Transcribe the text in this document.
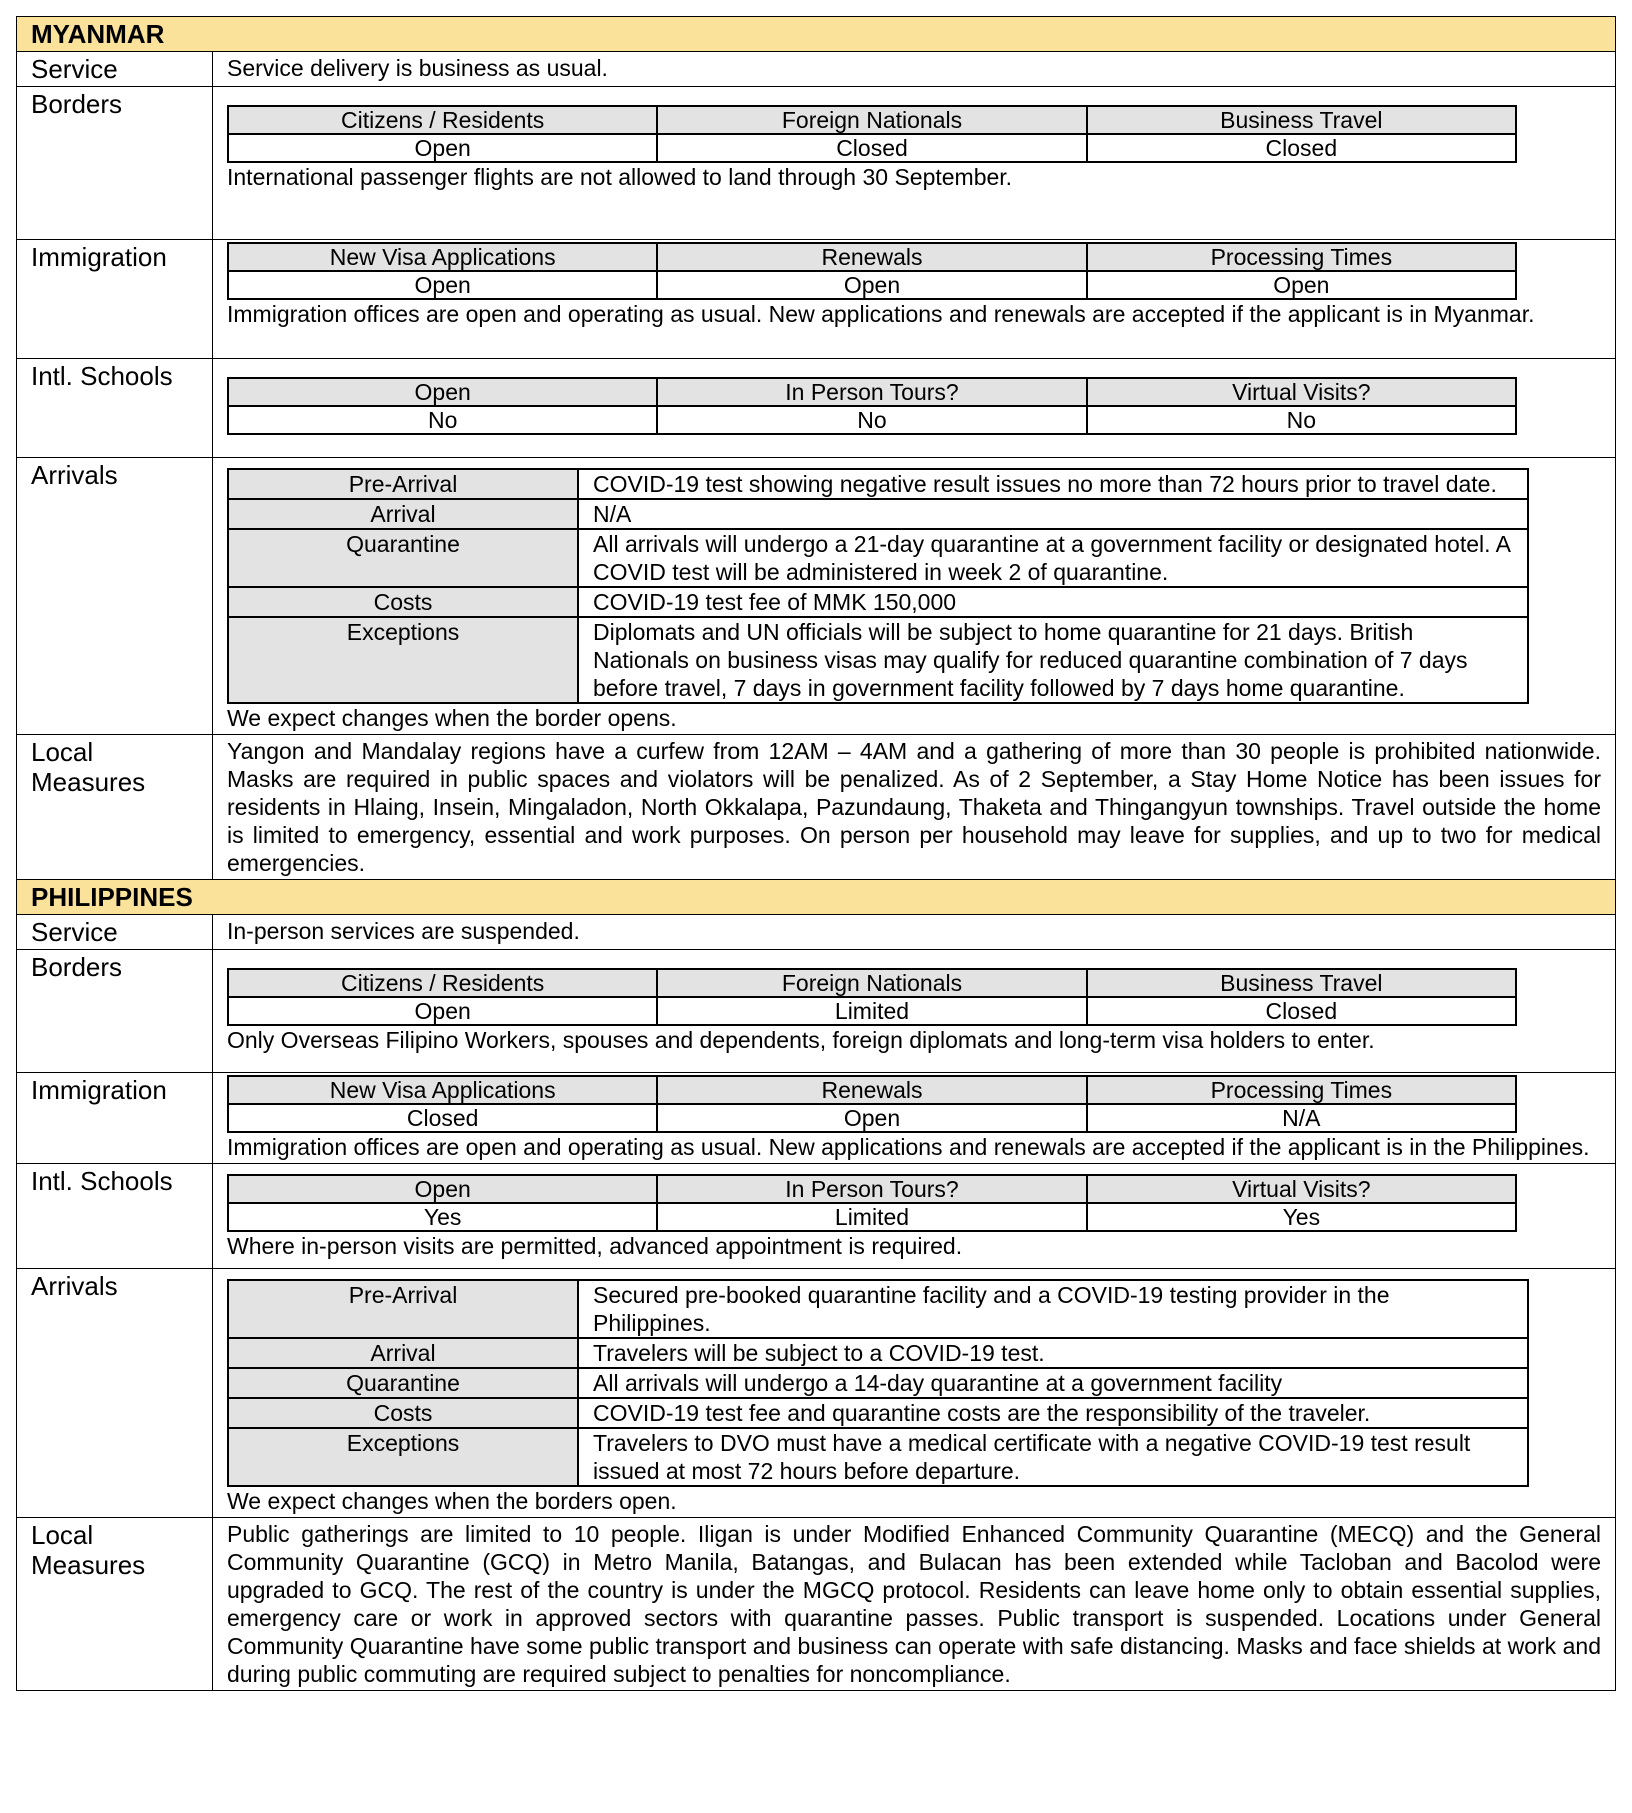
MYANMAR
Service	Service delivery is business as usual.
Borders	
Citizens / Residents	Foreign Nationals	Business Travel
Open	Closed	Closed
International passenger flights are not allowed to land through 30 September.

Immigration		New Visa Applications	Renewals	Processing Times
Open	Open	Open
Immigration offices are open and operating as usual. New applications and renewals are accepted if the applicant is in Myanmar.

Intl. Schools	
Open	In Person Tours?	Virtual Visits?
No	No	No

Arrivals		Pre-Arrival	COVID-19 test showing negative result issues no more than 72 hours prior to travel date.
Arrival	N/A
Quarantine	All arrivals will undergo a 21-day quarantine at a government facility or designated hotel. A COVID test will be administered in week 2 of quarantine.
Costs	COVID-19 test fee of MMK 150,000
Exceptions	Diplomats and UN officials will be subject to home quarantine for 21 days. British Nationals on business visas may qualify for reduced quarantine combination of 7 days before travel, 7 days in government facility followed by 7 days home quarantine.
We expect changes when the border opens.

Local Measures	Yangon and Mandalay regions have a curfew from 12AM – 4AM and a gathering of more than 30 people is prohibited nationwide. Masks are required in public spaces and violators will be penalized. As of 2 September, a Stay Home Notice has been issues for residents in Hlaing, Insein, Mingaladon, North Okkalapa, Pazundaung, Thaketa and Thingangyun townships. Travel outside the home is limited to emergency, essential and work purposes. On person per household may leave for supplies, and up to two for medical emergencies.
PHILIPPINES
Service	In-person services are suspended.
Borders	
Citizens / Residents	Foreign Nationals	Business Travel
Open	Limited	Closed
Only Overseas Filipino Workers, spouses and dependents, foreign diplomats and long-term visa holders to enter.

Immigration		New Visa Applications	Renewals	Processing Times
Closed	Open	N/A
Immigration offices are open and operating as usual. New applications and renewals are accepted if the applicant is in the Philippines.

Intl. Schools		Open	In Person Tours?	Virtual Visits?
Yes	Limited	Yes
Where in-person visits are permitted, advanced appointment is required.

Arrivals		Pre-Arrival	Secured pre-booked quarantine facility and a COVID-19 testing provider in the Philippines.
Arrival	Travelers will be subject to a COVID-19 test.
Quarantine	All arrivals will undergo a 14-day quarantine at a government facility
Costs	COVID-19 test fee and quarantine costs are the responsibility of the traveler.
Exceptions	Travelers to DVO must have a medical certificate with a negative COVID-19 test result issued at most 72 hours before departure.
We expect changes when the borders open.

Local Measures	Public gatherings are limited to 10 people. Iligan is under Modified Enhanced Community Quarantine (MECQ) and the General Community Quarantine (GCQ) in Metro Manila, Batangas, and Bulacan has been extended while Tacloban and Bacolod were upgraded to GCQ. The rest of the country is under the MGCQ protocol. Residents can leave home only to obtain essential supplies, emergency care or work in approved sectors with quarantine passes. Public transport is suspended. Locations under General Community Quarantine have some public transport and business can operate with safe distancing. Masks and face shields at work and during public commuting are required subject to penalties for noncompliance.
